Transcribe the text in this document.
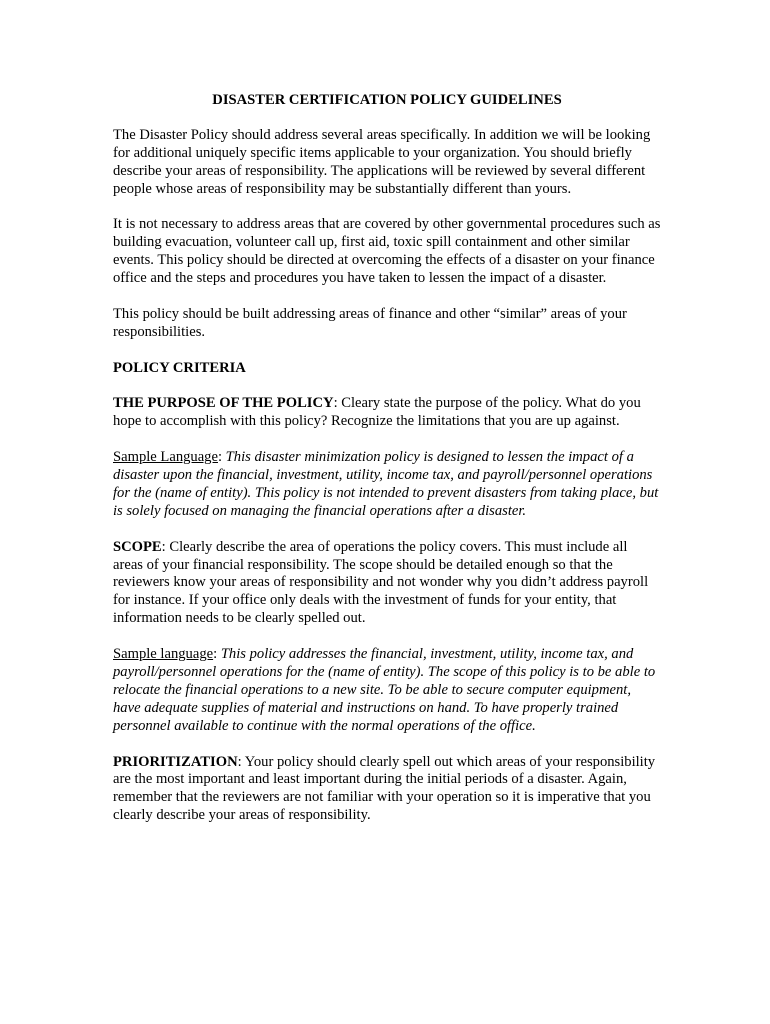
DISASTER CERTIFICATION POLICY GUIDELINES

The Disaster Policy should address several areas specifically. In addition we will be looking for additional uniquely specific items applicable to your organization. You should briefly describe your areas of responsibility. The applications will be reviewed by several different people whose areas of responsibility may be substantially different than yours.

It is not necessary to address areas that are covered by other governmental procedures such as building evacuation, volunteer call up, first aid, toxic spill containment and other similar events. This policy should be directed at overcoming the effects of a disaster on your finance office and the steps and procedures you have taken to lessen the impact of a disaster.

This policy should be built addressing areas of finance and other “similar” areas of your responsibilities.

POLICY CRITERIA

THE PURPOSE OF THE POLICY: Cleary state the purpose of the policy. What do you hope to accomplish with this policy? Recognize the limitations that you are up against.

Sample Language: This disaster minimization policy is designed to lessen the impact of a disaster upon the financial, investment, utility, income tax, and payroll/personnel operations for the (name of entity). This policy is not intended to prevent disasters from taking place, but is solely focused on managing the financial operations after a disaster.

SCOPE: Clearly describe the area of operations the policy covers. This must include all areas of your financial responsibility. The scope should be detailed enough so that the reviewers know your areas of responsibility and not wonder why you didn’t address payroll for instance. If your office only deals with the investment of funds for your entity, that information needs to be clearly spelled out.

Sample language: This policy addresses the financial, investment, utility, income tax, and payroll/personnel operations for the (name of entity). The scope of this policy is to be able to relocate the financial operations to a new site. To be able to secure computer equipment, have adequate supplies of material and instructions on hand. To have properly trained personnel available to continue with the normal operations of the office.

PRIORITIZATION: Your policy should clearly spell out which areas of your responsibility are the most important and least important during the initial periods of a disaster. Again, remember that the reviewers are not familiar with your operation so it is imperative that you clearly describe your areas of responsibility.
